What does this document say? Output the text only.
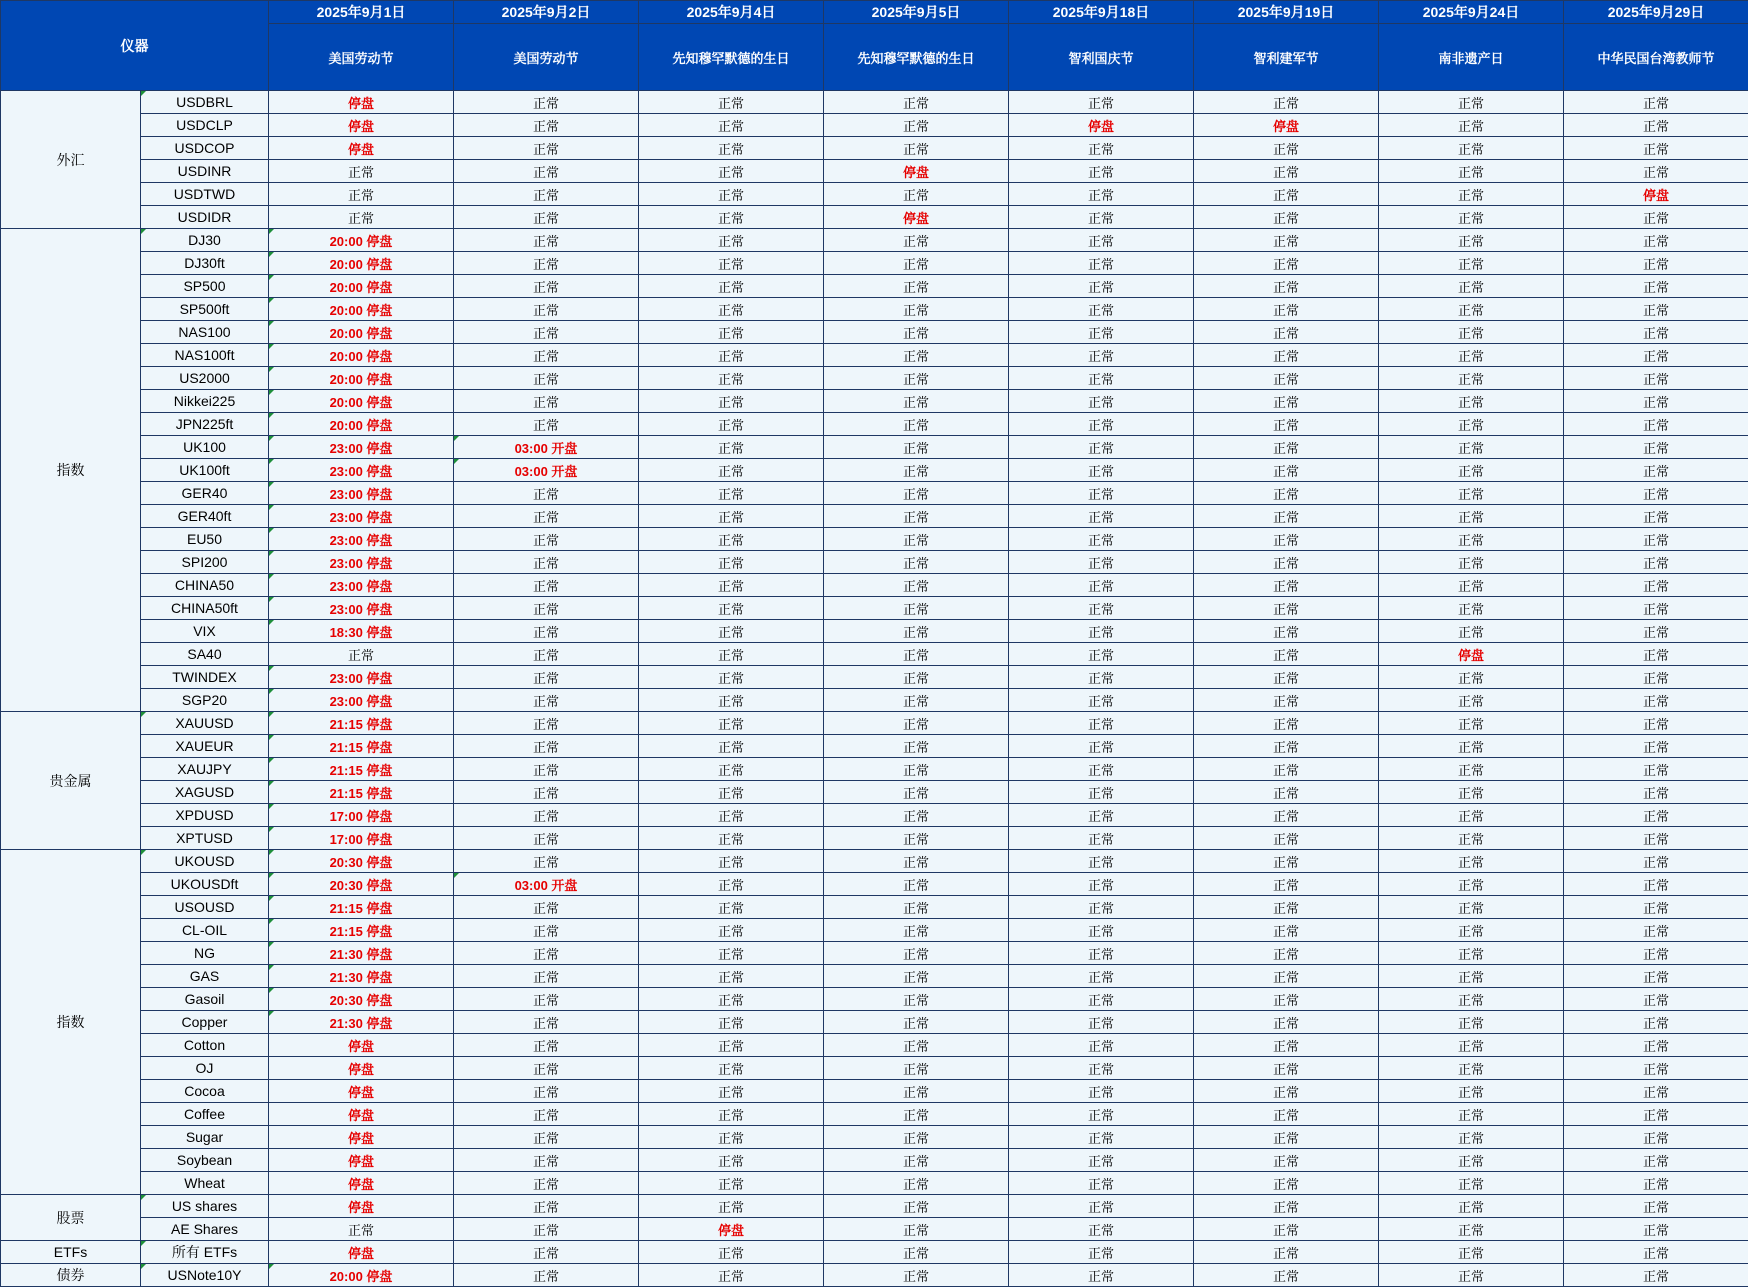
仪器		2025年9月1日	2025年9月2日	2025年9月4日	2025年9月5日	2025年9月18日	2025年9月19日	2025年9月24日	2025年9月29日
		美国劳动节	美国劳动节	先知穆罕默德的生日	先知穆罕默德的生日	智利国庆节	智利建军节	南非遗产日	中华民国台湾教师节
外汇	USDBRL	停盘	正常	正常	正常	正常	正常	正常	正常
	USDCLP	停盘	正常	正常	正常	停盘	停盘	正常	正常
	USDCOP	停盘	正常	正常	正常	正常	正常	正常	正常
	USDINR	正常	正常	正常	停盘	正常	正常	正常	正常
	USDTWD	正常	正常	正常	正常	正常	正常	正常	停盘
	USDIDR	正常	正常	正常	停盘	正常	正常	正常	正常
指数	DJ30	20:00 停盘	正常	正常	正常	正常	正常	正常	正常
	DJ30ft	20:00 停盘	正常	正常	正常	正常	正常	正常	正常
	SP500	20:00 停盘	正常	正常	正常	正常	正常	正常	正常
	SP500ft	20:00 停盘	正常	正常	正常	正常	正常	正常	正常
	NAS100	20:00 停盘	正常	正常	正常	正常	正常	正常	正常
	NAS100ft	20:00 停盘	正常	正常	正常	正常	正常	正常	正常
	US2000	20:00 停盘	正常	正常	正常	正常	正常	正常	正常
	Nikkei225	20:00 停盘	正常	正常	正常	正常	正常	正常	正常
	JPN225ft	20:00 停盘	正常	正常	正常	正常	正常	正常	正常
	UK100	23:00 停盘	03:00 开盘	正常	正常	正常	正常	正常	正常
	UK100ft	23:00 停盘	03:00 开盘	正常	正常	正常	正常	正常	正常
	GER40	23:00 停盘	正常	正常	正常	正常	正常	正常	正常
	GER40ft	23:00 停盘	正常	正常	正常	正常	正常	正常	正常
	EU50	23:00 停盘	正常	正常	正常	正常	正常	正常	正常
	SPI200	23:00 停盘	正常	正常	正常	正常	正常	正常	正常
	CHINA50	23:00 停盘	正常	正常	正常	正常	正常	正常	正常
	CHINA50ft	23:00 停盘	正常	正常	正常	正常	正常	正常	正常
	VIX	18:30 停盘	正常	正常	正常	正常	正常	正常	正常
	SA40	正常	正常	正常	正常	正常	正常	停盘	正常
	TWINDEX	23:00 停盘	正常	正常	正常	正常	正常	正常	正常
	SGP20	23:00 停盘	正常	正常	正常	正常	正常	正常	正常
贵金属	XAUUSD	21:15 停盘	正常	正常	正常	正常	正常	正常	正常
	XAUEUR	21:15 停盘	正常	正常	正常	正常	正常	正常	正常
	XAUJPY	21:15 停盘	正常	正常	正常	正常	正常	正常	正常
	XAGUSD	21:15 停盘	正常	正常	正常	正常	正常	正常	正常
	XPDUSD	17:00 停盘	正常	正常	正常	正常	正常	正常	正常
	XPTUSD	17:00 停盘	正常	正常	正常	正常	正常	正常	正常
指数	UKOUSD	20:30 停盘	正常	正常	正常	正常	正常	正常	正常
	UKOUSDft	20:30 停盘	03:00 开盘	正常	正常	正常	正常	正常	正常
	USOUSD	21:15 停盘	正常	正常	正常	正常	正常	正常	正常
	CL-OIL	21:15 停盘	正常	正常	正常	正常	正常	正常	正常
	NG	21:30 停盘	正常	正常	正常	正常	正常	正常	正常
	GAS	21:30 停盘	正常	正常	正常	正常	正常	正常	正常
	Gasoil	20:30 停盘	正常	正常	正常	正常	正常	正常	正常
	Copper	21:30 停盘	正常	正常	正常	正常	正常	正常	正常
	Cotton	停盘	正常	正常	正常	正常	正常	正常	正常
	OJ	停盘	正常	正常	正常	正常	正常	正常	正常
	Cocoa	停盘	正常	正常	正常	正常	正常	正常	正常
	Coffee	停盘	正常	正常	正常	正常	正常	正常	正常
	Sugar	停盘	正常	正常	正常	正常	正常	正常	正常
	Soybean	停盘	正常	正常	正常	正常	正常	正常	正常
	Wheat	停盘	正常	正常	正常	正常	正常	正常	正常
股票	US shares	停盘	正常	正常	正常	正常	正常	正常	正常
	AE Shares	正常	正常	停盘	正常	正常	正常	正常	正常
ETFs	所有 ETFs	停盘	正常	正常	正常	正常	正常	正常	正常
债券	USNote10Y	20:00 停盘	正常	正常	正常	正常	正常	正常	正常
